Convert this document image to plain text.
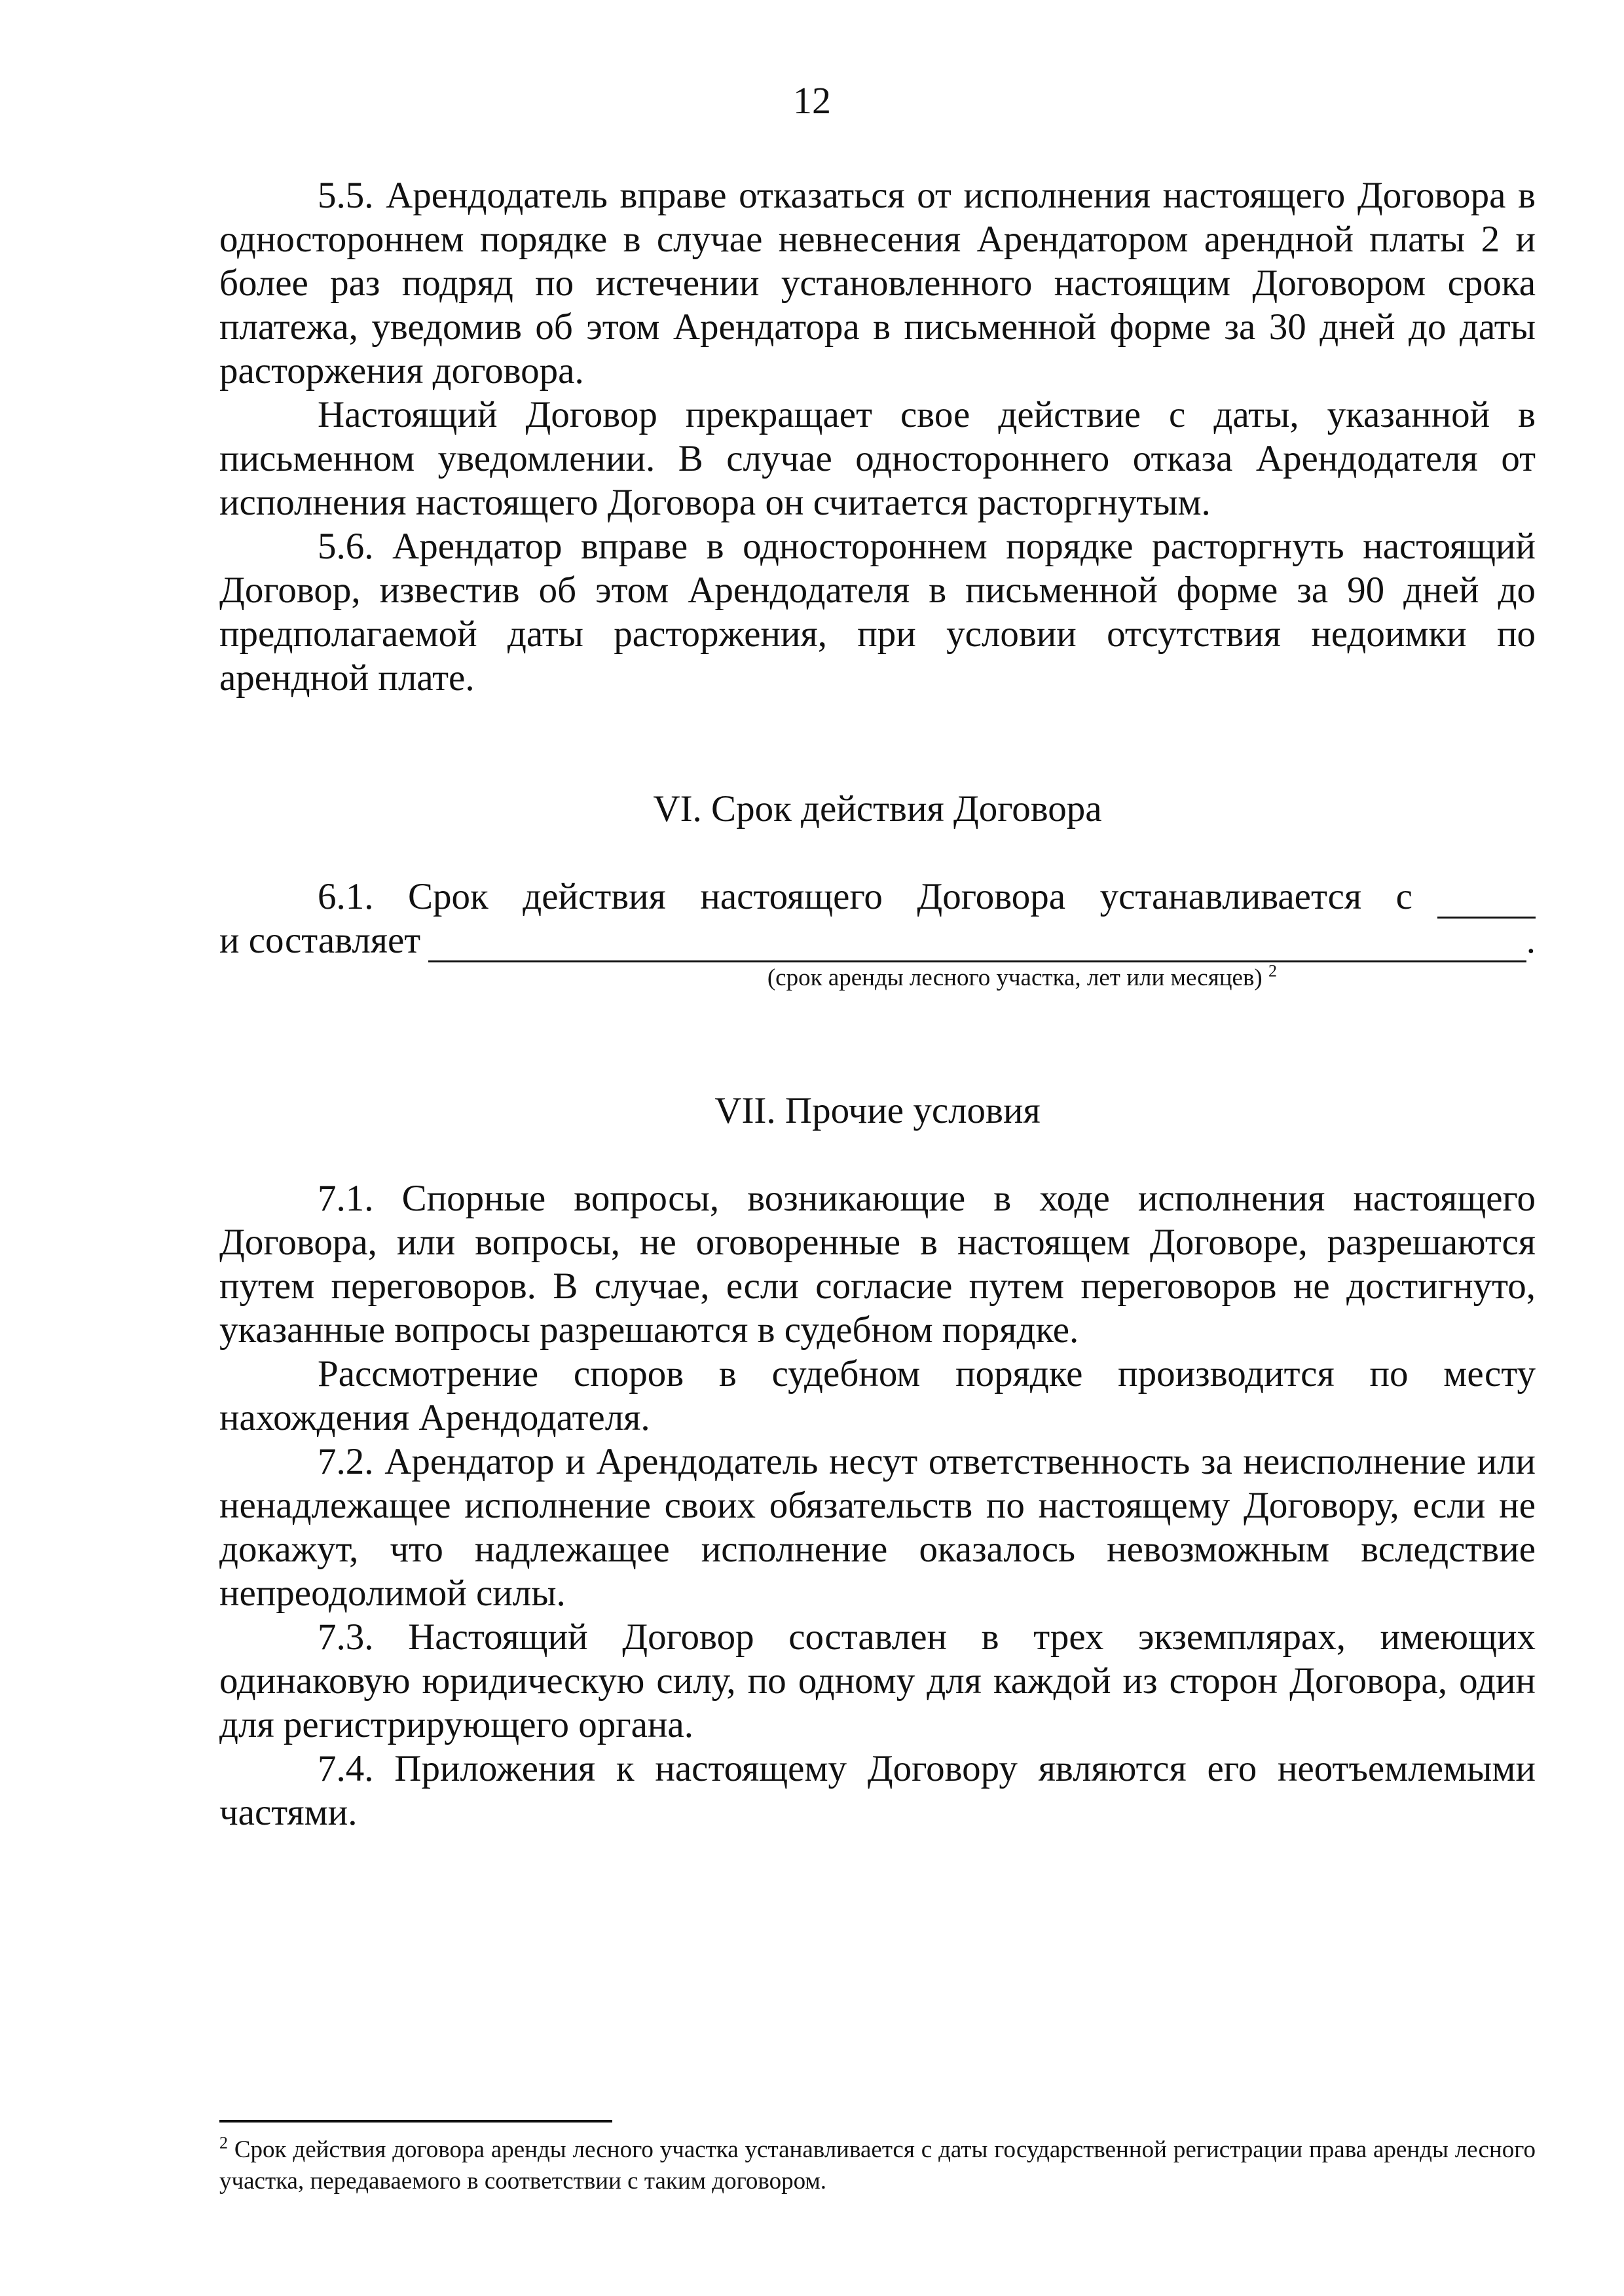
12

5.5. Арендодатель вправе отказаться от исполнения настоящего Договора в одностороннем порядке в случае невнесения Арендатором арендной платы 2 и более раз подряд по истечении установленного настоящим Договором срока платежа, уведомив об этом Арендатора в письменной форме за 30 дней до даты расторжения договора.

Настоящий Договор прекращает свое действие с даты, указанной в письменном уведомлении. В случае одностороннего отказа Арендодателя от исполнения настоящего Договора он считается расторгнутым.

5.6. Арендатор вправе в одностороннем порядке расторгнуть настоящий Договор, известив об этом Арендодателя в письменной форме за 90 дней до предполагаемой даты расторжения, при условии отсутствия недоимки по арендной плате.

VI. Срок действия Договора
6.1. Срок действия настоящего Договора устанавливается с
и составляет	.
(срок аренды лесного участка, лет или месяцев) $^2$
VII. Прочие условия

7.1. Спорные вопросы, возникающие в ходе исполнения настоящего Договора, или вопросы, не оговоренные в настоящем Договоре, разрешаются путем переговоров. В случае, если согласие путем переговоров не достигнуто, указанные вопросы разрешаются в судебном порядке.

Рассмотрение споров в судебном порядке производится по месту нахождения Арендодателя.

7.2. Арендатор и Арендодатель несут ответственность за неисполнение или ненадлежащее исполнение своих обязательств по настоящему Договору, если не докажут, что надлежащее исполнение оказалось невозможным вследствие непреодолимой силы.

7.3. Настоящий Договор составлен в трех экземплярах, имеющих одинаковую юридическую силу, по одному для каждой из сторон Договора, один для регистрирующего органа.

7.4. Приложения к настоящему Договору являются его неотъемлемыми частями.

$^2$ Срок действия договора аренды лесного участка устанавливается с даты государственной регистрации права аренды лесного участка, передаваемого в соответствии с таким договором.
